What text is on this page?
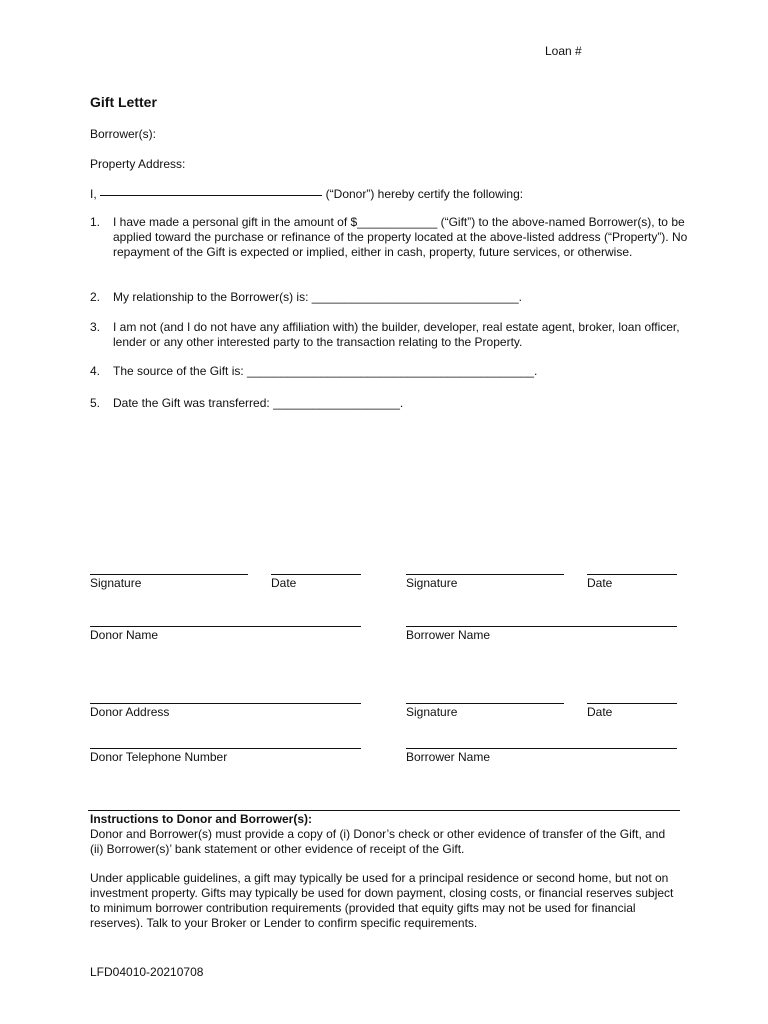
Loan #
Gift Letter
Borrower(s):
Property Address:
I,	(“Donor”) hereby certify the following:
1. I have made a personal gift in the amount of $____________ (“Gift”) to the above-named Borrower(s), to be applied toward the purchase or refinance of the property located at the above-listed address (“Property”). No repayment of the Gift is expected or implied, either in cash, property, future services, or otherwise.
2. My relationship to the Borrower(s) is: _______________________________.
3. I am not (and I do not have any affiliation with) the builder, developer, real estate agent, broker, loan officer, lender or any other interested party to the transaction relating to the Property.
4. The source of the Gift is: ___________________________________________.
5. Date the Gift was transferred: ___________________.
Signature	Date	Signature	Date
Donor Name	Borrower Name
Donor Address	Signature	Date
Donor Telephone Number	Borrower Name
Instructions to Donor and Borrower(s):
Donor and Borrower(s) must provide a copy of (i) Donor’s check or other evidence of transfer of the Gift, and (ii) Borrower(s)’ bank statement or other evidence of receipt of the Gift.
Under applicable guidelines, a gift may typically be used for a principal residence or second home, but not on investment property. Gifts may typically be used for down payment, closing costs, or financial reserves subject to minimum borrower contribution requirements (provided that equity gifts may not be used for financial reserves). Talk to your Broker or Lender to confirm specific requirements.
LFD04010-20210708
